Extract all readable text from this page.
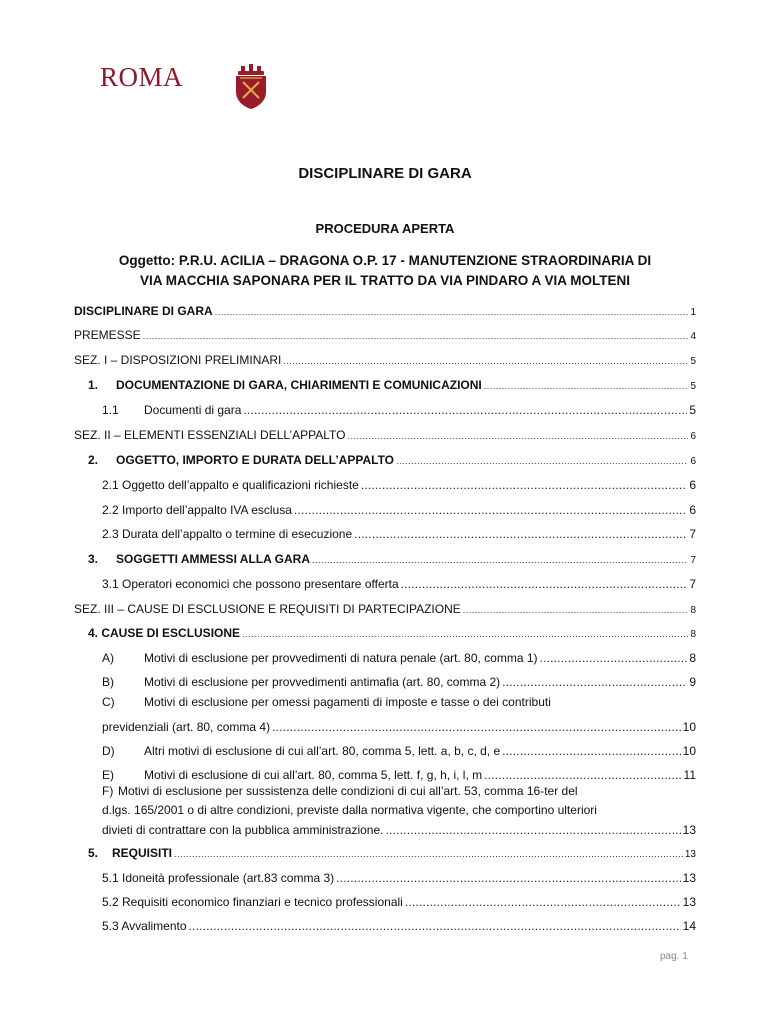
ROMA
DISCIPLINARE DI GARA
PROCEDURA APERTA
Oggetto: P.R.U. ACILIA – DRAGONA O.P. 17 - MANUTENZIONE STRAORDINARIA DI
VIA MACCHIA SAPONARA PER IL TRATTO DA VIA PINDARO A VIA MOLTENI
DISCIPLINARE DI GARA .....	1
PREMESSE .....	4
SEZ. I – DISPOSIZIONI PRELIMINARI .....	5
1. DOCUMENTAZIONE DI GARA, CHIARIMENTI E COMUNICAZIONI .....	5
1.1 Documenti di gara .....	5
SEZ. II – ELEMENTI ESSENZIALI DELL’APPALTO .....	6
2. OGGETTO, IMPORTO E DURATA DELL’APPALTO .....	6
2.1 Oggetto dell’appalto e qualificazioni richieste .....	6
2.2 Importo dell’appalto IVA esclusa .....	6
2.3 Durata dell’appalto o termine di esecuzione .....	7
3. SOGGETTI AMMESSI ALLA GARA .....	7
3.1 Operatori economici che possono presentare offerta .....	7
SEZ. III – CAUSE DI ESCLUSIONE E REQUISITI DI PARTECIPAZIONE .....	8
4. CAUSE DI ESCLUSIONE .....	8
A)	Motivi di esclusione per provvedimenti di natura penale (art. 80, comma 1) .....	8
B)	Motivi di esclusione per provvedimenti antimafia (art. 80, comma 2) .....	9
C) Motivi di esclusione per omessi pagamenti di imposte e tasse o dei contributi
previdenziali (art. 80, comma 4) .....	10
D) Altri motivi di esclusione di cui all’art. 80, comma 5, lett. a, b, c, d, e .....	10
E)	Motivi di esclusione di cui all’art. 80, comma 5, lett. f, g, h, i, l, m .....	11
F) Motivi di esclusione per sussistenza delle condizioni di cui all’art. 53, comma 16-ter del
d.lgs. 165/2001 o di altre condizioni, previste dalla normativa vigente, che comportino ulteriori
divieti di contrattare con la pubblica amministrazione. .....	13
5. REQUISITI .....	13
5.1 Idoneità professionale (art.83 comma 3) .....	13
5.2 Requisiti economico finanziari e tecnico professionali .....	13
5.3 Avvalimento .....	14
pag. 1
